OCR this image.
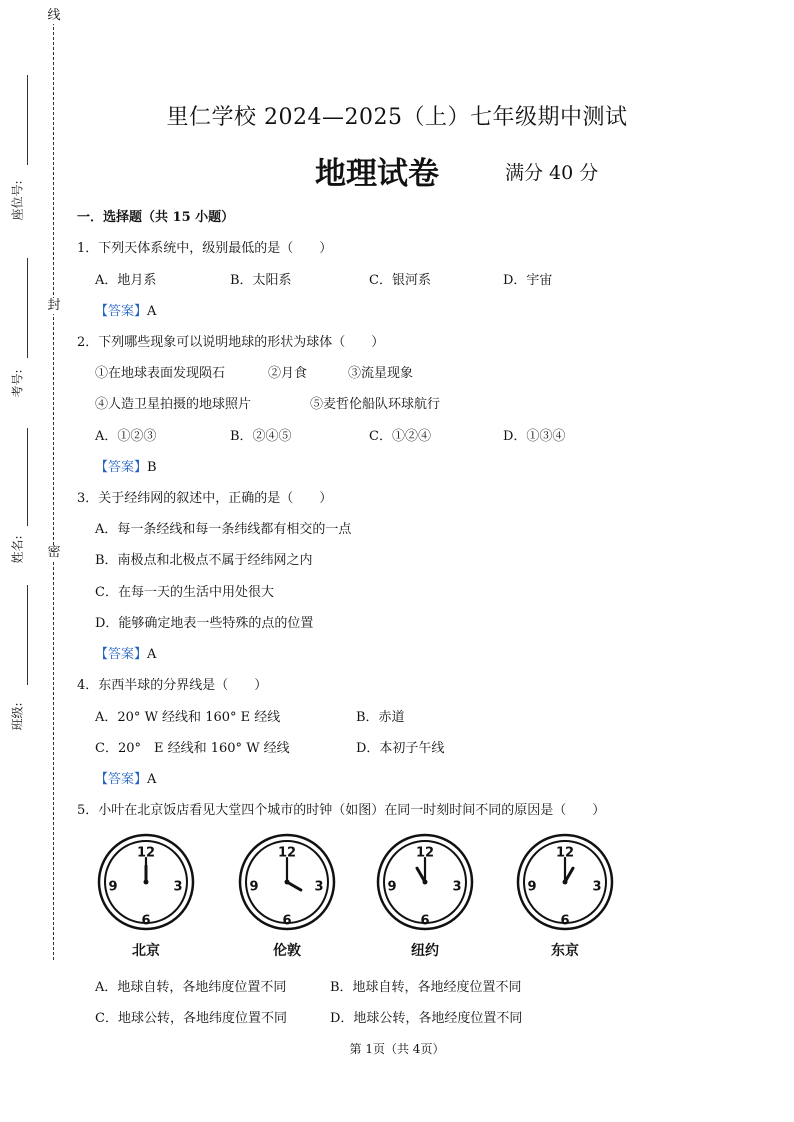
线
封
密
座位号:
考号:
姓名:
班级:
里仁学校 2024—2025（上）七年级期中测试
地理试卷	满分 40 分
一．选择题（共 15 小题）
1．下列天体系统中，级别最低的是（　　）
A．地月系	B．太阳系	C．银河系	D．宇宙
【答案】A
2．下列哪些现象可以说明地球的形状为球体（　　）
①在地球表面发现陨石	②月食	③流星现象
④人造卫星拍摄的地球照片	⑤麦哲伦船队环球航行
A．①②③	B．②④⑤	C．①②④	D．①③④
【答案】B
3．关于经纬网的叙述中，正确的是（　　）
A．每一条经线和每一条纬线都有相交的一点
B．南极点和北极点不属于经纬网之内
C．在每一天的生活中用处很大
D．能够确定地表一些特殊的点的位置
【答案】A
4．东西半球的分界线是（　　）
A．20° W 经线和 160° E 经线	B．赤道
C．20°　E 经线和 160° W 经线	D．本初子午线
【答案】A
5．小叶在北京饭店看见大堂四个城市的时钟（如图）在同一时刻时间不同的原因是（　　）
12
3
6
9
北京
12
3
6
9
伦敦
12
3
6
9
纽约
12
3
6
9
东京
A．地球自转，各地纬度位置不同	B．地球自转，各地经度位置不同
C．地球公转，各地纬度位置不同	D．地球公转，各地经度位置不同
第 1页（共 4页）
